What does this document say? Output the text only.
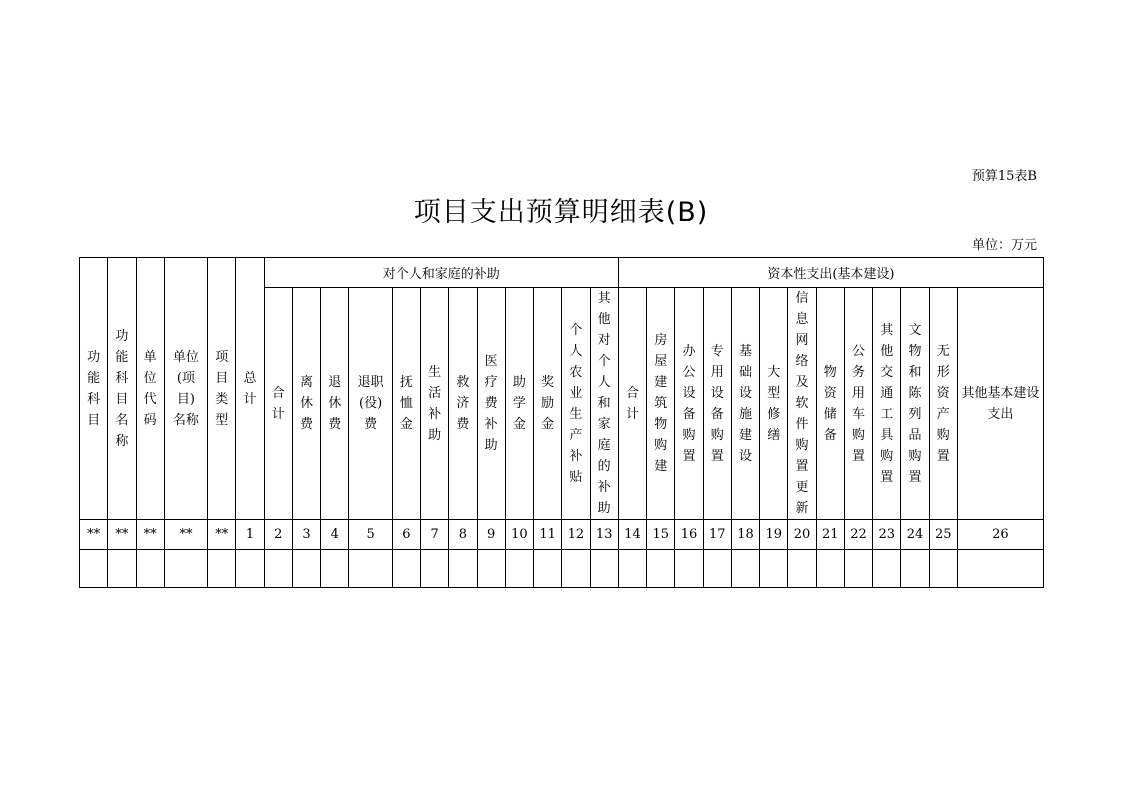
预算15表B
项目支出预算明细表(B)
单位：万元
功能科目	功能科目名称	单位代码	单位(项目)名称	项目类型	总计	对个人和家庭的补助												资本性支出(基本建设)												
						合计	离休费	退休费	退职(役)费	抚恤金	生活补助	救济费	医疗费补助	助学金	奖励金	个人农业生产补贴	其他对个人和家庭的补助	合计	房屋建筑物购建	办公设备购置	专用设备购置	基础设施建设	大型修缮	信息网络及软件购置更新	物资储备	公务用车购置	其他交通工具购置	文物和陈列品购置	无形资产购置	其他基本建设支出
**	**	**	**	**	1	2	3	4	5	6	7	8	9	10	11	12	13	14	15	16	17	18	19	20	21	22	23	24	25	26
